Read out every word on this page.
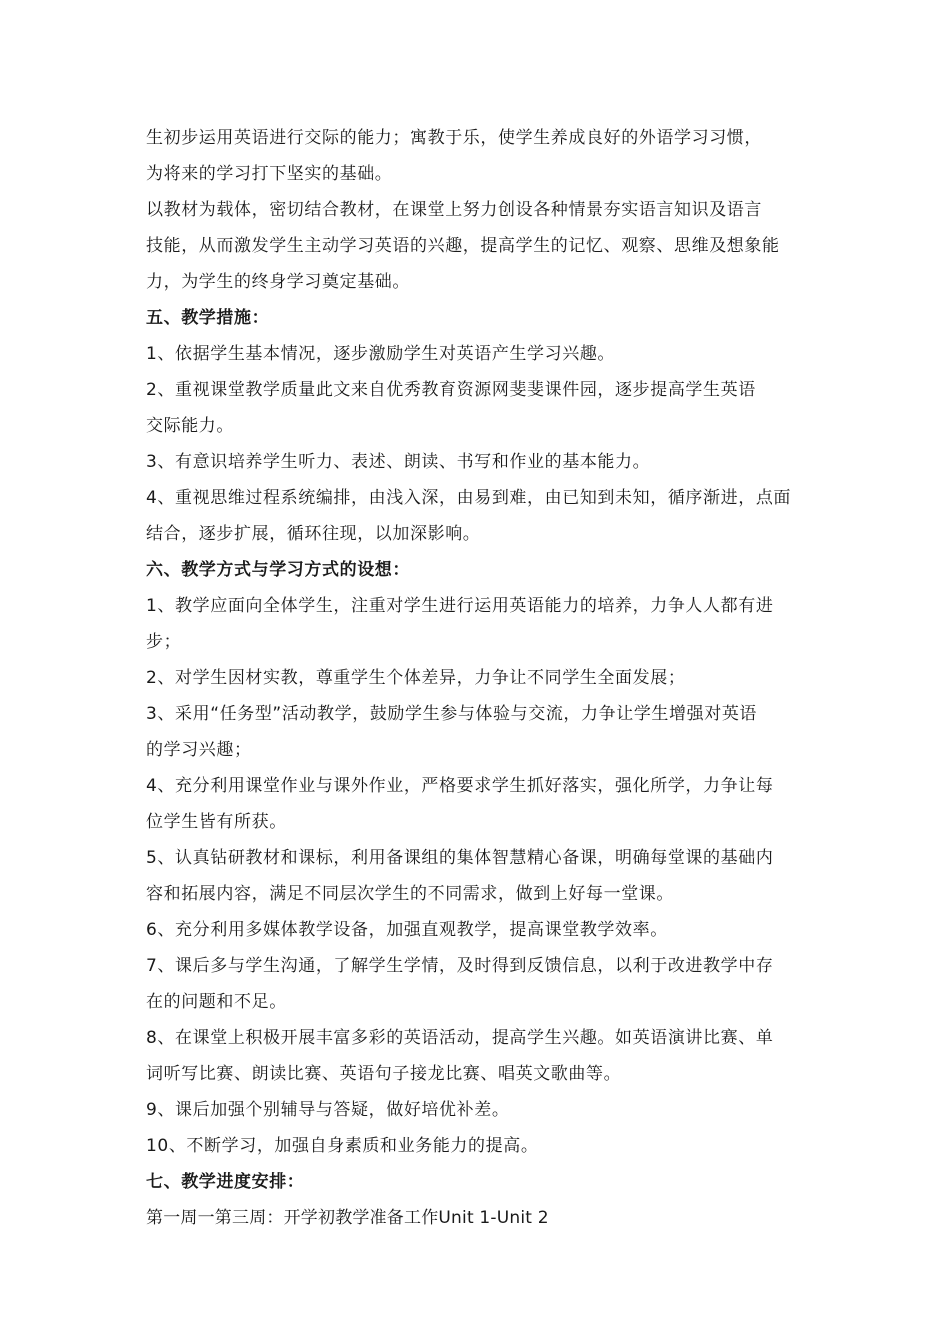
生初步运用英语进行交际的能力；寓教于乐，使学生养成良好的外语学习习惯，
为将来的学习打下坚实的基础。
以教材为载体，密切结合教材，在课堂上努力创设各种情景夯实语言知识及语言
技能，从而激发学生主动学习英语的兴趣，提高学生的记忆、观察、思维及想象能
力，为学生的终身学习奠定基础。
五、教学措施：
1、依据学生基本情况，逐步激励学生对英语产生学习兴趣。
2、重视课堂教学质量此文来自优秀教育资源网斐斐课件园，逐步提高学生英语
交际能力。
3、有意识培养学生听力、表述、朗读、书写和作业的基本能力。
4、重视思维过程系统编排，由浅入深，由易到难，由已知到未知，循序渐进，点面
结合，逐步扩展，循环往现，以加深影响。
六、教学方式与学习方式的设想：
1、教学应面向全体学生，注重对学生进行运用英语能力的培养，力争人人都有进
步；
2、对学生因材实教，尊重学生个体差异，力争让不同学生全面发展；
3、采用“任务型”活动教学，鼓励学生参与体验与交流，力争让学生增强对英语
的学习兴趣；
4、充分利用课堂作业与课外作业，严格要求学生抓好落实，强化所学，力争让每
位学生皆有所获。
5、认真钻研教材和课标，利用备课组的集体智慧精心备课，明确每堂课的基础内
容和拓展内容，满足不同层次学生的不同需求，做到上好每一堂课。
6、充分利用多媒体教学设备，加强直观教学，提高课堂教学效率。
7、课后多与学生沟通，了解学生学情，及时得到反馈信息，以利于改进教学中存
在的问题和不足。
8、在课堂上积极开展丰富多彩的英语活动，提高学生兴趣。如英语演讲比赛、单
词听写比赛、朗读比赛、英语句子接龙比赛、唱英文歌曲等。
9、课后加强个别辅导与答疑，做好培优补差。
10、不断学习，加强自身素质和业务能力的提高。
七、教学进度安排：
第一周一第三周：开学初教学准备工作Unit 1-Unit 2
